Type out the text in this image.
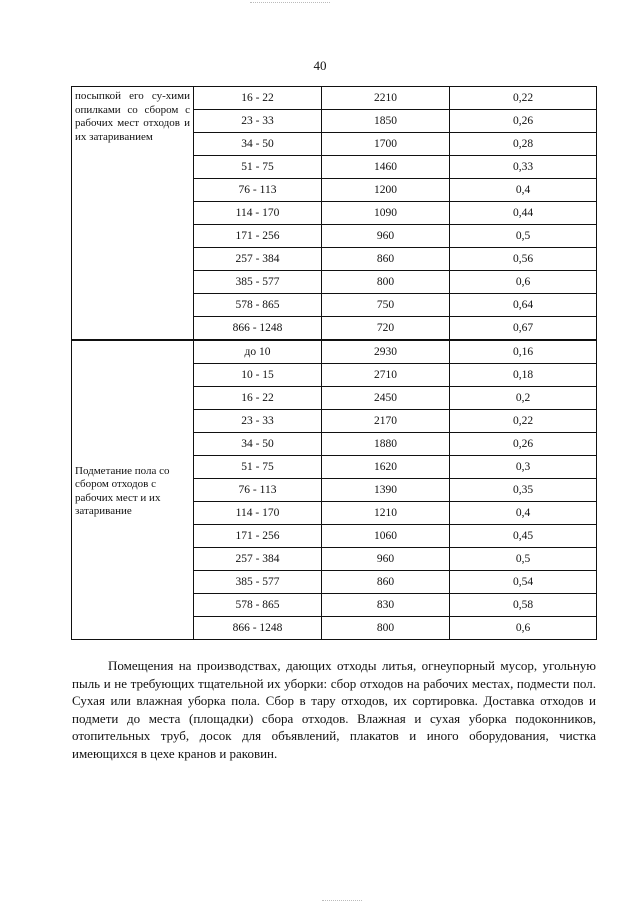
40
посыпкой его су-хими опилками со сбором с рабочих мест отходов и их затариванием	16 - 22	2210	0,22
	23 - 33	1850	0,26
	34 - 50	1700	0,28
	51 - 75	1460	0,33
	76 - 113	1200	0,4
	114 - 170	1090	0,44
	171 - 256	960	0,5
	257 - 384	860	0,56
	385 - 577	800	0,6
	578 - 865	750	0,64
	866 - 1248	720	0,67
Подметание пола со сбором отходов с рабочих мест и их затаривание	до 10	2930	0,16
	10 - 15	2710	0,18
	16 - 22	2450	0,2
	23 - 33	2170	0,22
	34 - 50	1880	0,26
	51 - 75	1620	0,3
	76 - 113	1390	0,35
	114 - 170	1210	0,4
	171 - 256	1060	0,45
	257 - 384	960	0,5
	385 - 577	860	0,54
	578 - 865	830	0,58
	866 - 1248	800	0,6

Помещения на производствах, дающих отходы литья, огнеупорный мусор, угольную пыль и не требующих тщательной их уборки: сбор отходов на рабочих местах, подмести пол. Сухая или влажная уборка пола. Сбор в тару отходов, их сортировка. Доставка отходов и подмети до места (площадки) сбора отходов. Влажная и сухая уборка подоконников, отопительных труб, досок для объявлений, плакатов и иного оборудования, чистка имеющихся в цехе кранов и раковин.
